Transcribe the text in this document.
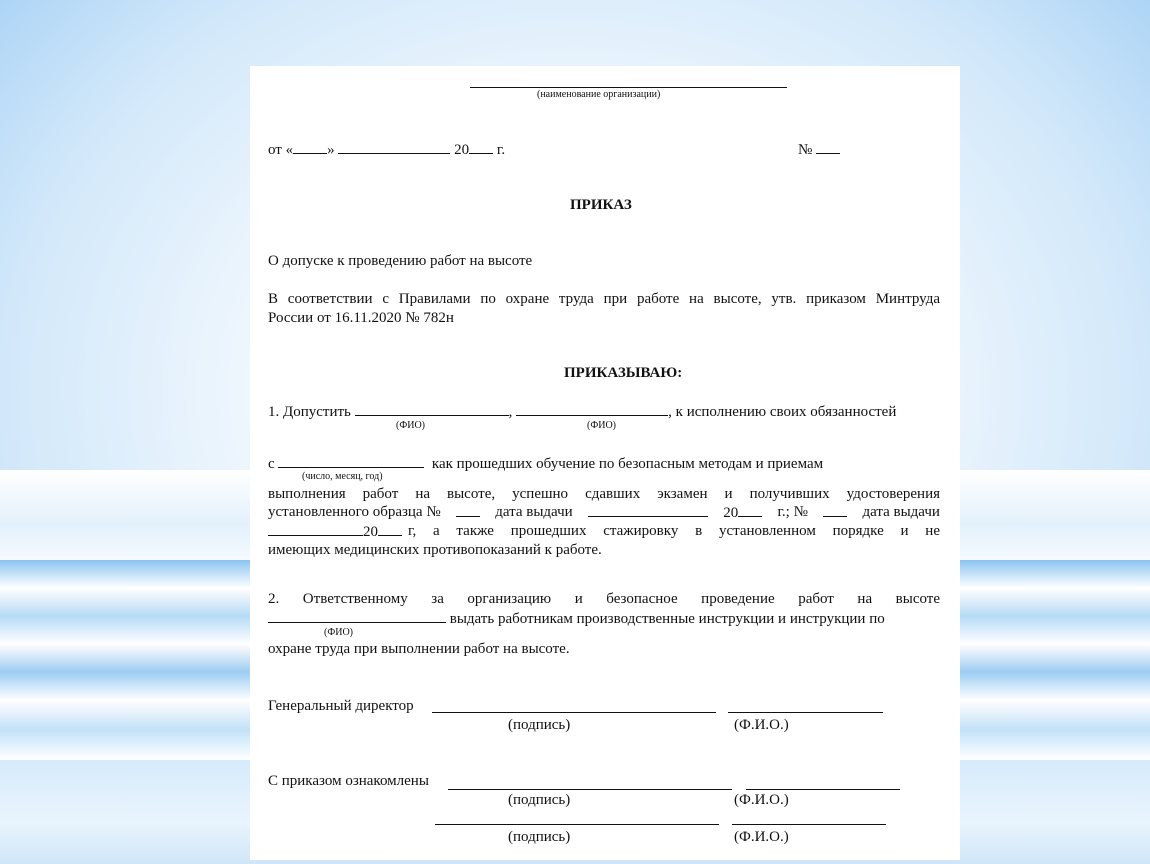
(наименование организации)
от « »	20 г.	№
ПРИКАЗ
О допуске к проведению работ на высоте
В соответствии с Правилами по охране труда при работе на высоте, утв. приказом Минтруда
России от 16.11.2020 № 782н
ПРИКАЗЫВАЮ:
1. Допустить	,	, к исполнению своих обязанностей
(ФИО)	(ФИО)
с	как прошедших обучение по безопасным методам и приемам
(число, месяц, год)
выполнения работ на высоте, успешно сдавших экзамен и получивших удостоверения
установленного образца №	дата выдачи	20	г.; №	дата выдачи
20	г, а также прошедших стажировку в установленном порядке и не
имеющих медицинских противопоказаний к работе.
2. Ответственному за организацию и безопасное проведение работ на высоте
выдать работникам производственные инструкции и инструкции по
(ФИО)
охране труда при выполнении работ на высоте.
Генеральный директор
(подпись)	(Ф.И.О.)
С приказом ознакомлены
(подпись)	(Ф.И.О.)
(подпись)	(Ф.И.О.)
